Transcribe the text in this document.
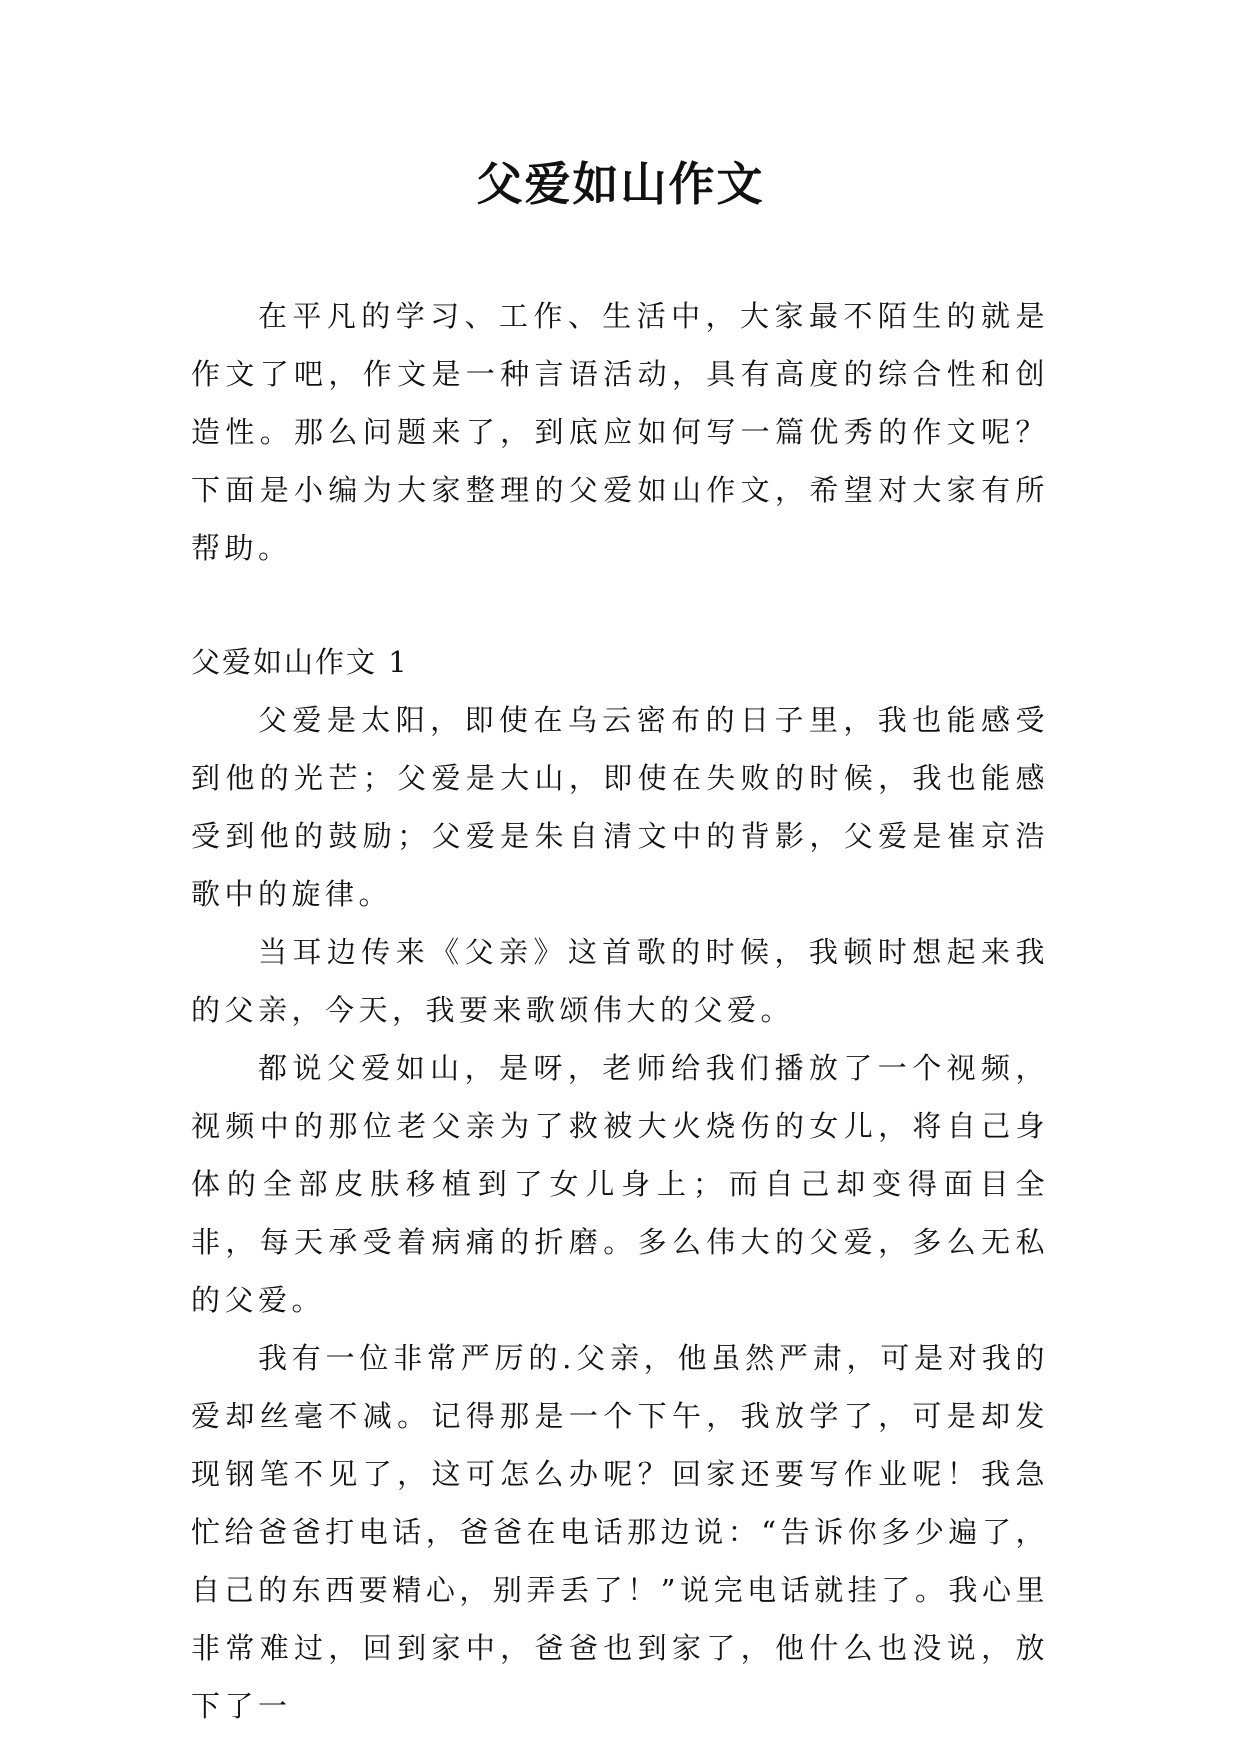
父爱如山作文

在平凡的学习、工作、生活中，大家最不陌生的就是作文了吧，作文是一种言语活动，具有高度的综合性和创造性。那么问题来了，到底应如何写一篇优秀的作文呢？下面是小编为大家整理的父爱如山作文，希望对大家有所帮助。

父爱如山作文 1

父爱是太阳，即使在乌云密布的日子里，我也能感受到他的光芒；父爱是大山，即使在失败的时候，我也能感受到他的鼓励；父爱是朱自清文中的背影，父爱是崔京浩歌中的旋律。

当耳边传来《父亲》这首歌的时候，我顿时想起来我的父亲，今天，我要来歌颂伟大的父爱。

都说父爱如山，是呀，老师给我们播放了一个视频，视频中的那位老父亲为了救被大火烧伤的女儿，将自己身体的全部皮肤移植到了女儿身上；而自己却变得面目全非，每天承受着病痛的折磨。多么伟大的父爱，多么无私的父爱。

我有一位非常严厉的.父亲，他虽然严肃，可是对我的爱却丝毫不减。记得那是一个下午，我放学了，可是却发现钢笔不见了，这可怎么办呢？回家还要写作业呢！我急忙给爸爸打电话，爸爸在电话那边说：“告诉你多少遍了，自己的东西要精心，别弄丢了！”说完电话就挂了。我心里非常难过，回到家中，爸爸也到家了，他什么也没说，放下了一
